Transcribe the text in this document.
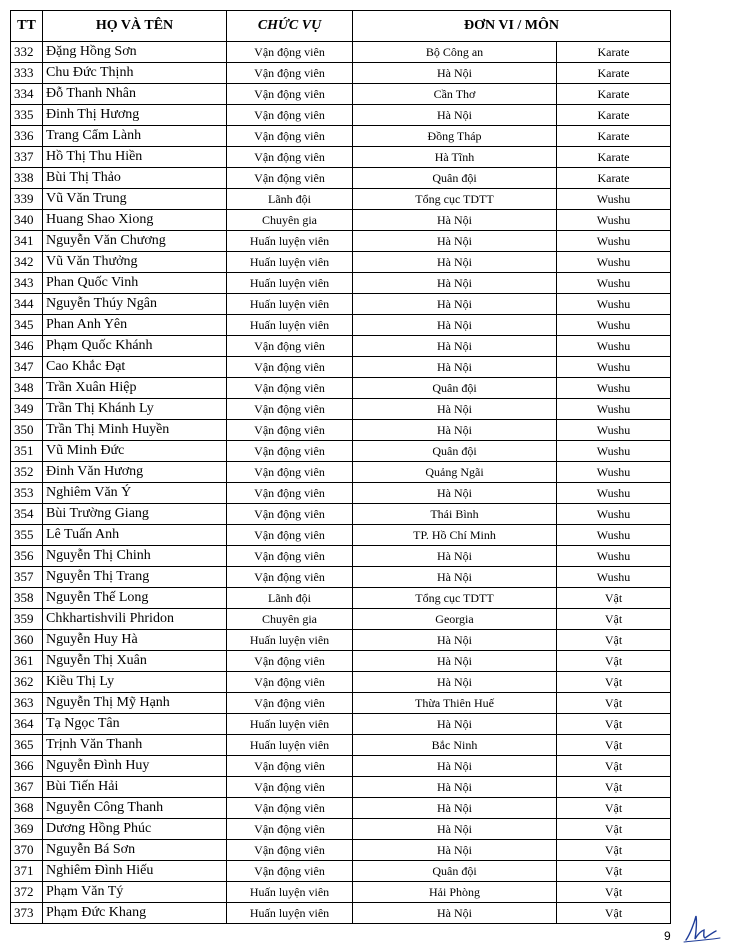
TT	HỌ VÀ TÊN	CHỨC VỤ	ĐƠN VI / MÔN	
332	Đặng Hồng Sơn	Vận động viên	Bộ Công an	Karate
333	Chu Đức Thịnh	Vận động viên	Hà Nội	Karate
334	Đỗ Thanh Nhân	Vận động viên	Cần Thơ	Karate
335	Đinh Thị Hương	Vận động viên	Hà Nội	Karate
336	Trang Cẩm Lành	Vận động viên	Đồng Tháp	Karate
337	Hồ Thị Thu Hiền	Vận động viên	Hà Tĩnh	Karate
338	Bùi Thị Thảo	Vận động viên	Quân đội	Karate
339	Vũ Văn Trung	Lãnh đội	Tổng cục TDTT	Wushu
340	Huang Shao Xiong	Chuyên gia	Hà Nội	Wushu
341	Nguyễn Văn Chương	Huấn luyện viên	Hà Nội	Wushu
342	Vũ Văn Thưởng	Huấn luyện viên	Hà Nội	Wushu
343	Phan Quốc Vinh	Huấn luyện viên	Hà Nội	Wushu
344	Nguyễn Thúy Ngân	Huấn luyện viên	Hà Nội	Wushu
345	Phan Anh Yên	Huấn luyện viên	Hà Nội	Wushu
346	Phạm Quốc Khánh	Vận động viên	Hà Nội	Wushu
347	Cao Khắc Đạt	Vận động viên	Hà Nội	Wushu
348	Trần Xuân Hiệp	Vận động viên	Quân đội	Wushu
349	Trần Thị Khánh Ly	Vận động viên	Hà Nội	Wushu
350	Trần Thị Minh Huyền	Vận động viên	Hà Nội	Wushu
351	Vũ Minh Đức	Vận động viên	Quân đội	Wushu
352	Đinh Văn Hương	Vận động viên	Quảng Ngãi	Wushu
353	Nghiêm Văn Ý	Vận động viên	Hà Nội	Wushu
354	Bùi Trường Giang	Vận động viên	Thái Bình	Wushu
355	Lê Tuấn Anh	Vận động viên	TP. Hồ Chí Minh	Wushu
356	Nguyễn Thị Chinh	Vận động viên	Hà Nội	Wushu
357	Nguyễn Thị Trang	Vận động viên	Hà Nội	Wushu
358	Nguyễn Thế Long	Lãnh đội	Tổng cục TDTT	Vật
359	Chkhartishvili Phridon	Chuyên gia	Georgia	Vật
360	Nguyễn Huy Hà	Huấn luyện viên	Hà Nội	Vật
361	Nguyễn Thị Xuân	Vận động viên	Hà Nội	Vật
362	Kiều Thị Ly	Vận động viên	Hà Nội	Vật
363	Nguyễn Thị Mỹ Hạnh	Vận động viên	Thừa Thiên Huế	Vật
364	Tạ Ngọc Tân	Huấn luyện viên	Hà Nội	Vật
365	Trịnh Văn Thanh	Huấn luyện viên	Bắc Ninh	Vật
366	Nguyễn Đình Huy	Vận động viên	Hà Nội	Vật
367	Bùi Tiến Hải	Vận động viên	Hà Nội	Vật
368	Nguyễn Công Thanh	Vận động viên	Hà Nội	Vật
369	Dương Hồng Phúc	Vận động viên	Hà Nội	Vật
370	Nguyễn Bá Sơn	Vận động viên	Hà Nội	Vật
371	Nghiêm Đình Hiếu	Vận động viên	Quân đội	Vật
372	Phạm Văn Tý	Huấn luyện viên	Hải Phòng	Vật
373	Phạm Đức Khang	Huấn luyện viên	Hà Nội	Vật
9
